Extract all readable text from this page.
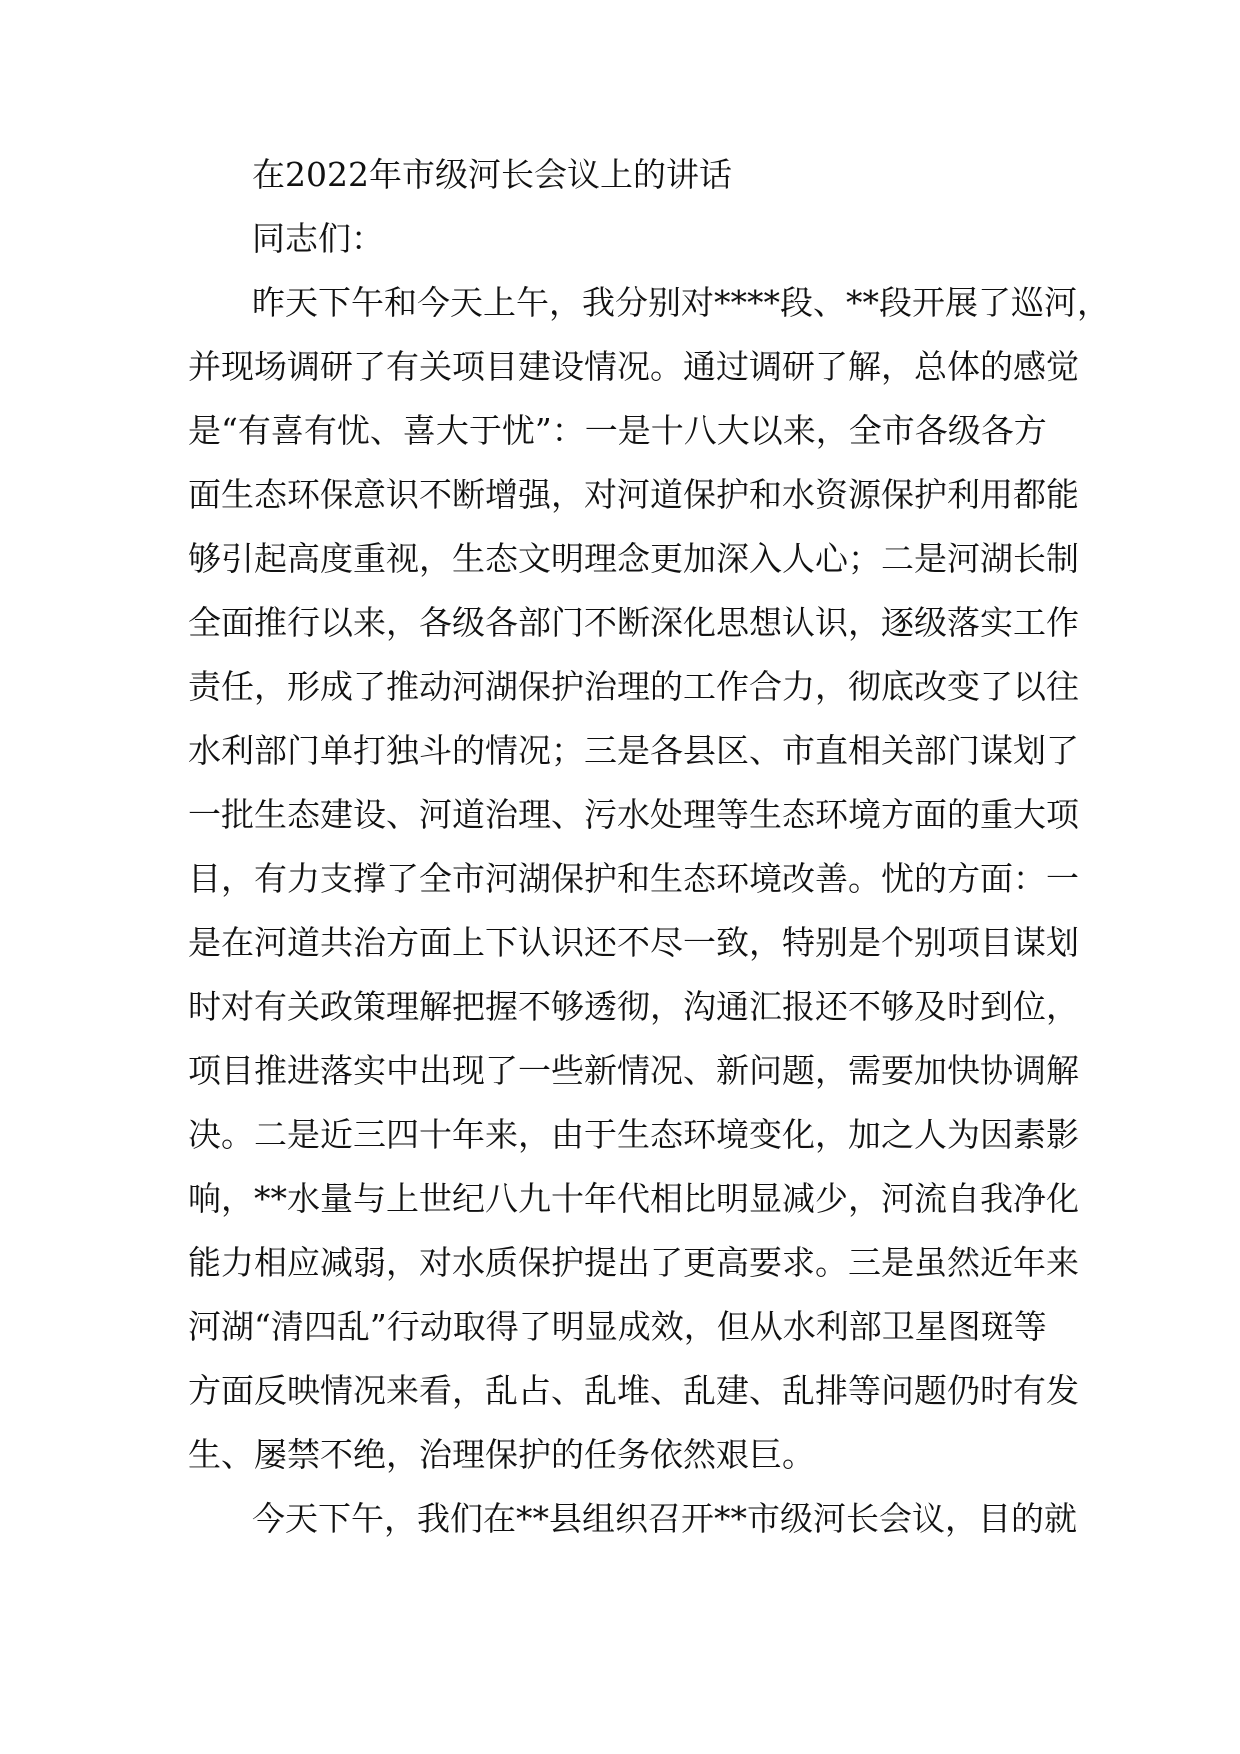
在2022年市级河长会议上的讲话
同志们：
昨天下午和今天上午，我分别对****段、**段开展了巡河，
并现场调研了有关项目建设情况。通过调研了解，总体的感觉
是“有喜有忧、喜大于忧”：一是十八大以来，全市各级各方
面生态环保意识不断增强，对河道保护和水资源保护利用都能
够引起高度重视，生态文明理念更加深入人心；二是河湖长制
全面推行以来，各级各部门不断深化思想认识，逐级落实工作
责任，形成了推动河湖保护治理的工作合力，彻底改变了以往
水利部门单打独斗的情况；三是各县区、市直相关部门谋划了
一批生态建设、河道治理、污水处理等生态环境方面的重大项
目，有力支撑了全市河湖保护和生态环境改善。忧的方面：一
是在河道共治方面上下认识还不尽一致，特别是个别项目谋划
时对有关政策理解把握不够透彻，沟通汇报还不够及时到位，
项目推进落实中出现了一些新情况、新问题，需要加快协调解
决。二是近三四十年来，由于生态环境变化，加之人为因素影
响，**水量与上世纪八九十年代相比明显减少，河流自我净化
能力相应减弱，对水质保护提出了更高要求。三是虽然近年来
河湖“清四乱”行动取得了明显成效，但从水利部卫星图斑等
方面反映情况来看，乱占、乱堆、乱建、乱排等问题仍时有发
生、屡禁不绝，治理保护的任务依然艰巨。
今天下午，我们在**县组织召开**市级河长会议，目的就
